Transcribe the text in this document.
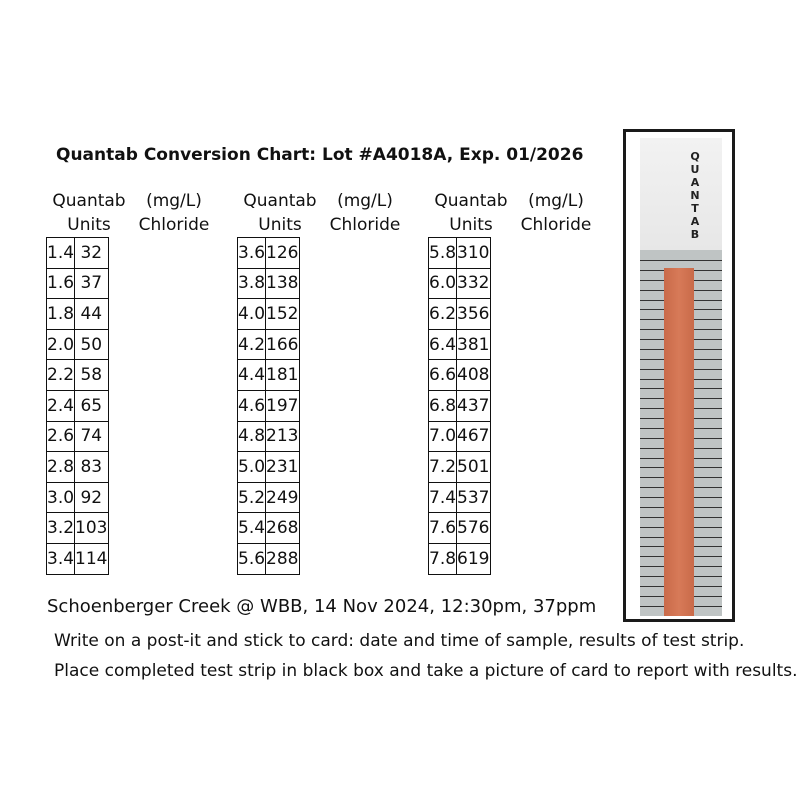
Quantab Conversion Chart: Lot #A4018A, Exp. 01/2026
Quantab	(mg/L)
Units	Chloride
1.4	32
1.6	37
1.8	44
2.0	50
2.2	58
2.4	65
2.6	74
2.8	83
3.0	92
3.2	103
3.4	114
Quantab	(mg/L)
Units	Chloride
3.6	126
3.8	138
4.0	152
4.2	166
4.4	181
4.6	197
4.8	213
5.0	231
5.2	249
5.4	268
5.6	288
Quantab	(mg/L)
Units	Chloride
5.8	310
6.0	332
6.2	356
6.4	381
6.6	408
6.8	437
7.0	467
7.2	501
7.4	537
7.6	576
7.8	619
Schoenberger Creek @ WBB, 14 Nov 2024, 12:30pm, 37ppm
Write on a post-it and stick to card: date and time of sample, results of test strip.
Place completed test strip in black box and take a picture of card to report with results.
QUANTAB
